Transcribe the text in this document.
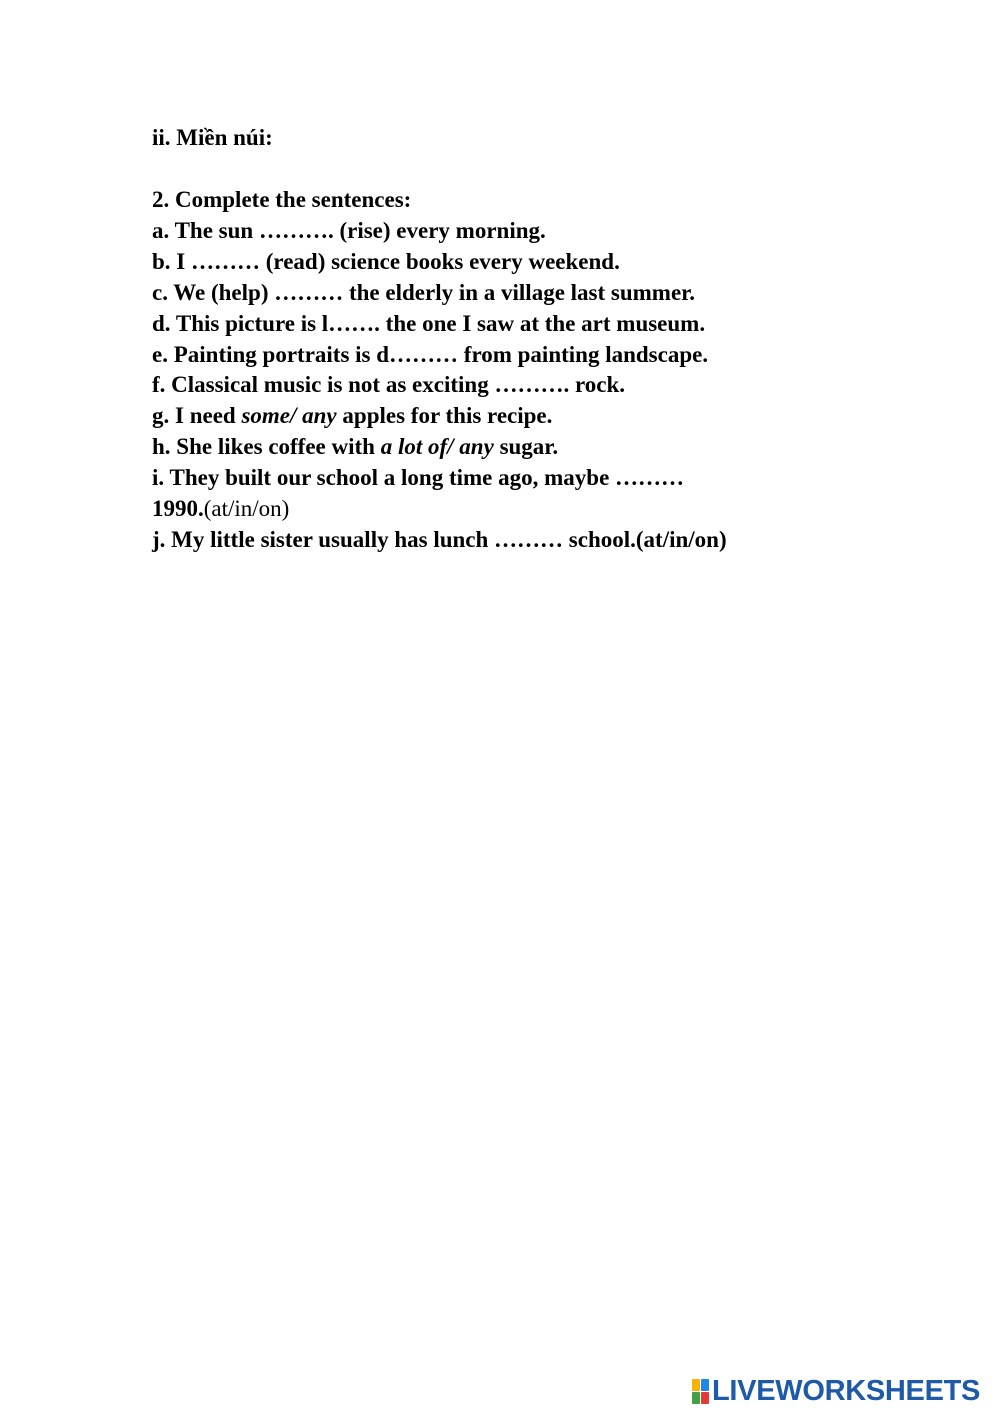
ii. Miền núi:
2. Complete the sentences:
a. The sun ………. (rise) every morning.
b. I ……… (read) science books every weekend.
c. We (help) ……… the elderly in a village last summer.
d. This picture is l……. the one I saw at the art museum.
e. Painting portraits is d……… from painting landscape.
f. Classical music is not as exciting ………. rock.
g. I need some/ any apples for this recipe.
h. She likes coffee with a lot of/ any sugar.
i. They built our school a long time ago, maybe ………
1990.(at/in/on)
j. My little sister usually has lunch ……… school.(at/in/on)
LIVEWORKSHEETS
